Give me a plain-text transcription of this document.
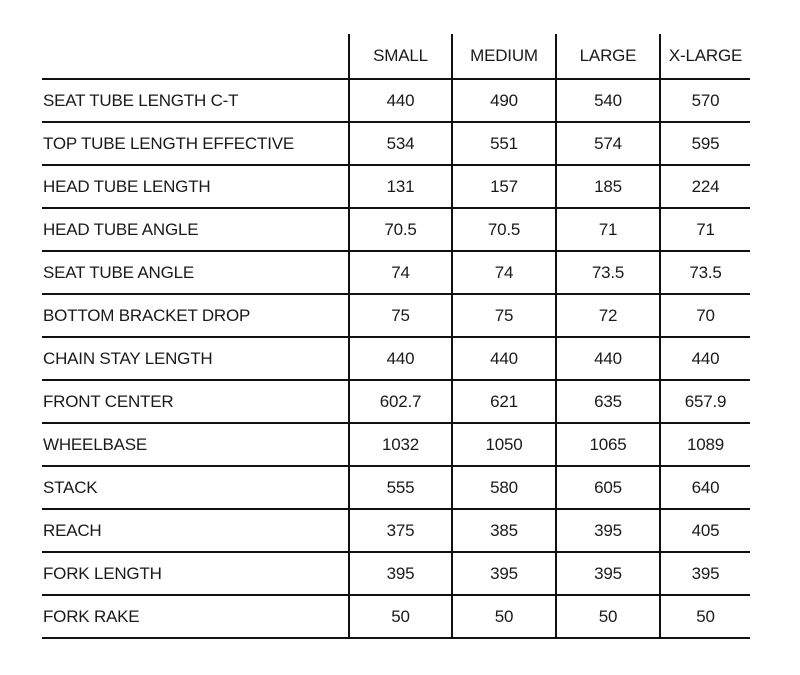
	SMALL	MEDIUM	LARGE	X-LARGE
SEAT TUBE LENGTH C-T	440	490	540	570
TOP TUBE LENGTH EFFECTIVE	534	551	574	595
HEAD TUBE LENGTH	131	157	185	224
HEAD TUBE ANGLE	70.5	70.5	71	71
SEAT TUBE ANGLE	74	74	73.5	73.5
BOTTOM BRACKET DROP	75	75	72	70
CHAIN STAY LENGTH	440	440	440	440
FRONT CENTER	602.7	621	635	657.9
WHEELBASE	1032	1050	1065	1089
STACK	555	580	605	640
REACH	375	385	395	405
FORK LENGTH	395	395	395	395
FORK RAKE	50	50	50	50
